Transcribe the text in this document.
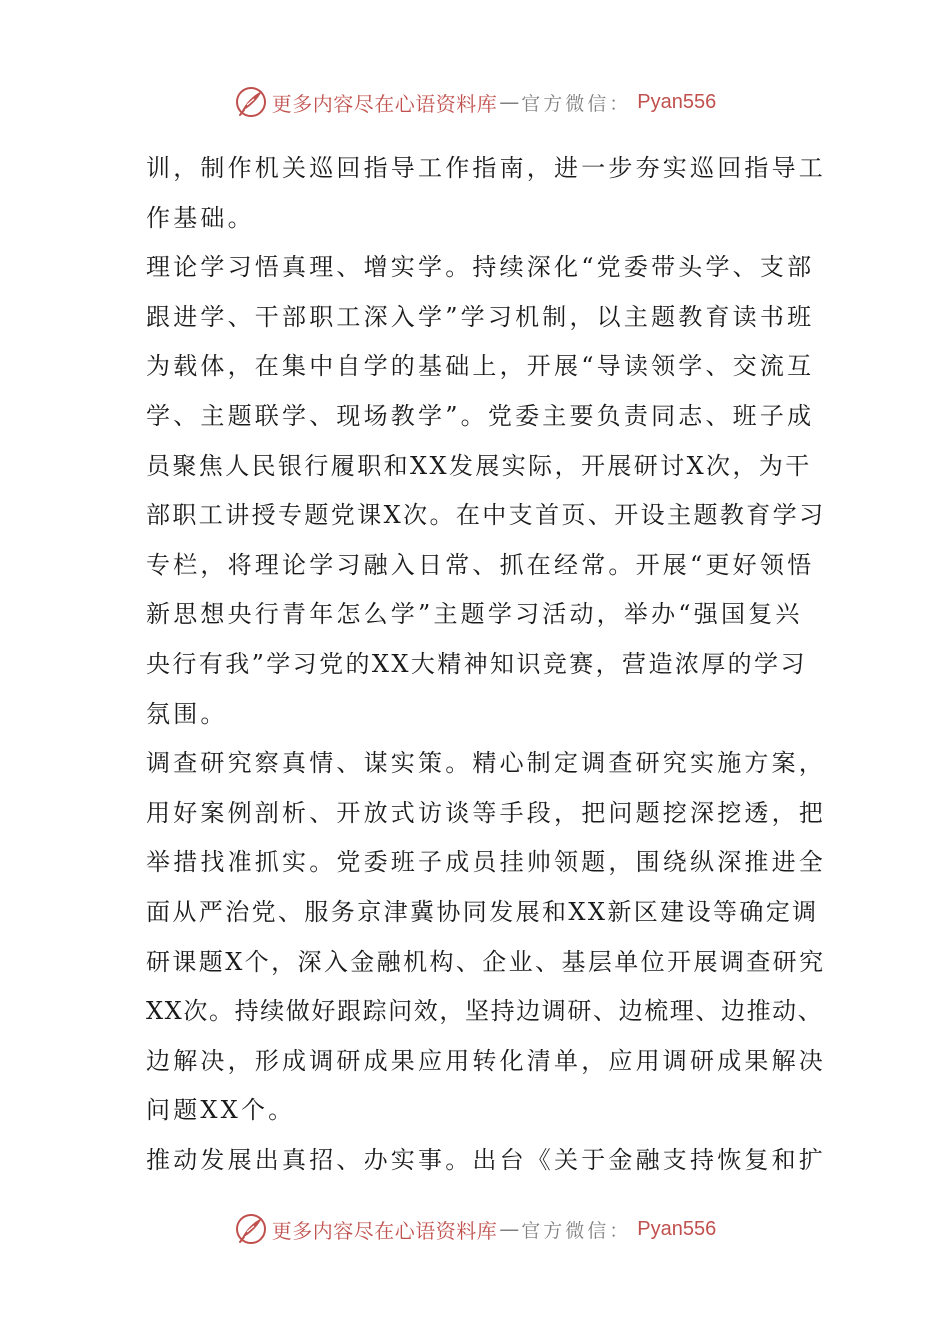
更多内容尽在心语资料库 — 官方微信： Pyan556
训，制作机关巡回指导工作指南，进一步夯实巡回指导工
作基础。
理论学习悟真理、增实学。持续深化“党委带头学、支部
跟进学、干部职工深入学”学习机制，以主题教育读书班
为载体，在集中自学的基础上，开展“导读领学、交流互
学、主题联学、现场教学”。党委主要负责同志、班子成
员聚焦人民银行履职和XX发展实际，开展研讨X次，为干
部职工讲授专题党课X次。在中支首页、开设主题教育学习
专栏，将理论学习融入日常、抓在经常。开展“更好领悟
新思想央行青年怎么学”主题学习活动，举办“强国复兴
央行有我”学习党的XX大精神知识竞赛，营造浓厚的学习
氛围。
调查研究察真情、谋实策。精心制定调查研究实施方案，
用好案例剖析、开放式访谈等手段，把问题挖深挖透，把
举措找准抓实。党委班子成员挂帅领题，围绕纵深推进全
面从严治党、服务京津冀协同发展和XX新区建设等确定调
研课题X个，深入金融机构、企业、基层单位开展调查研究
XX次。持续做好跟踪问效，坚持边调研、边梳理、边推动、
边解决，形成调研成果应用转化清单，应用调研成果解决
问题XX个。
推动发展出真招、办实事。出台《关于金融支持恢复和扩
更多内容尽在心语资料库 — 官方微信： Pyan556
